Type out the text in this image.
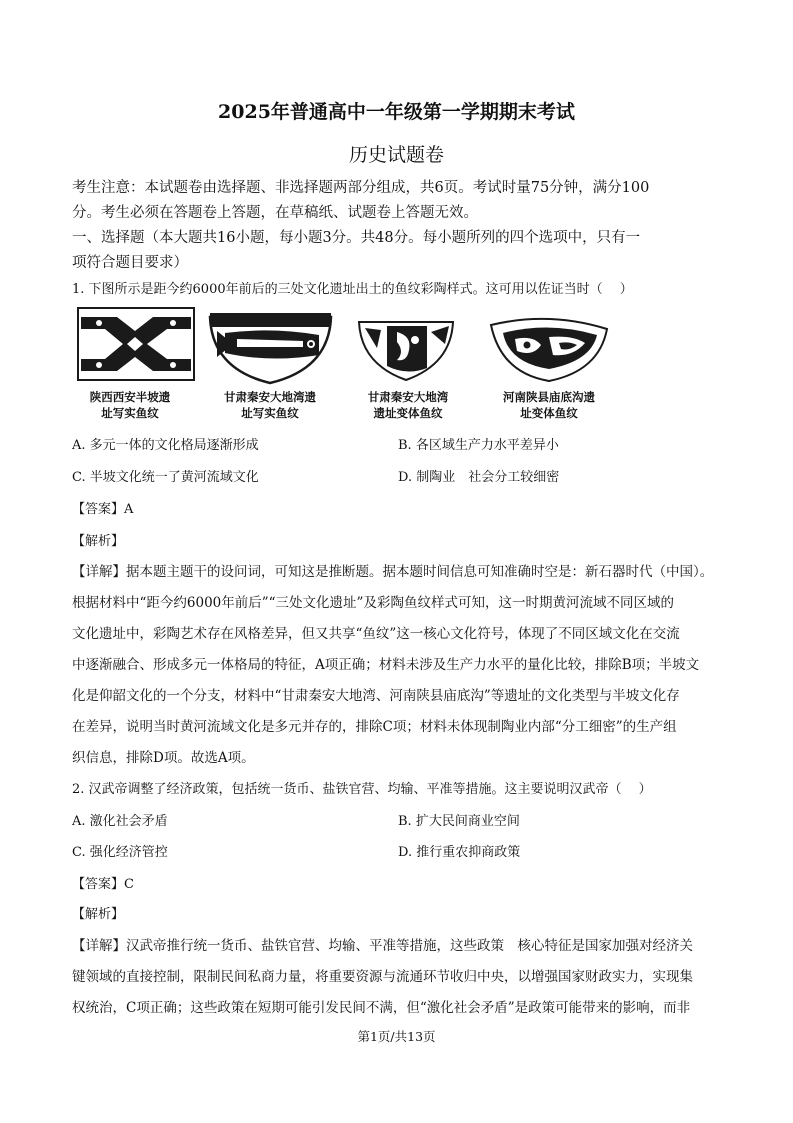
2025年普通高中一年级第一学期期末考试
历史试题卷
考生注意：本试题卷由选择题、非选择题两部分组成，共6页。考试时量75分钟，满分100
分。考生必须在答题卷上答题，在草稿纸、试题卷上答题无效。
一、选择题（本大题共16小题，每小题3分。共48分。每小题所列的四个选项中，只有一
项符合题目要求）
1. 下图所示是距今约6000年前后的三处文化遗址出土的鱼纹彩陶样式。这可用以佐证当时（　 ）
陕西西安半坡遗
址写实鱼纹
甘肃秦安大地湾遗
址写实鱼纹
甘肃秦安大地湾
遗址变体鱼纹
河南陕县庙底沟遗
址变体鱼纹
A. 多元一体的文化格局逐渐形成	B. 各区域生产力水平差异小
C. 半坡文化统一了黄河流域文化	D. 制陶业　社会分工较细密
【答案】A
【解析】
【详解】据本题主题干的设问词，可知这是推断题。据本题时间信息可知准确时空是：新石器时代（中国）。
根据材料中“距今约6000年前后”“三处文化遗址”及彩陶鱼纹样式可知，这一时期黄河流域不同区域的
文化遗址中，彩陶艺术存在风格差异，但又共享“鱼纹”这一核心文化符号，体现了不同区域文化在交流
中逐渐融合、形成多元一体格局的特征，A项正确；材料未涉及生产力水平的量化比较，排除B项；半坡文
化是仰韶文化的一个分支，材料中“甘肃秦安大地湾、河南陕县庙底沟”等遗址的文化类型与半坡文化存
在差异，说明当时黄河流域文化是多元并存的，排除C项；材料未体现制陶业内部“分工细密”的生产组
织信息，排除D项。故选A项。
2. 汉武帝调整了经济政策，包括统一货币、盐铁官营、均输、平准等措施。这主要说明汉武帝（　 ）
A. 激化社会矛盾	B. 扩大民间商业空间
C. 强化经济管控	D. 推行重农抑商政策
【答案】C
【解析】
【详解】汉武帝推行统一货币、盐铁官营、均输、平准等措施，这些政策　核心特征是国家加强对经济关
键领域的直接控制，限制民间私商力量，将重要资源与流通环节收归中央，以增强国家财政实力，实现集
权统治，C项正确；这些政策在短期可能引发民间不满，但“激化社会矛盾”是政策可能带来的影响，而非
第1页/共13页
